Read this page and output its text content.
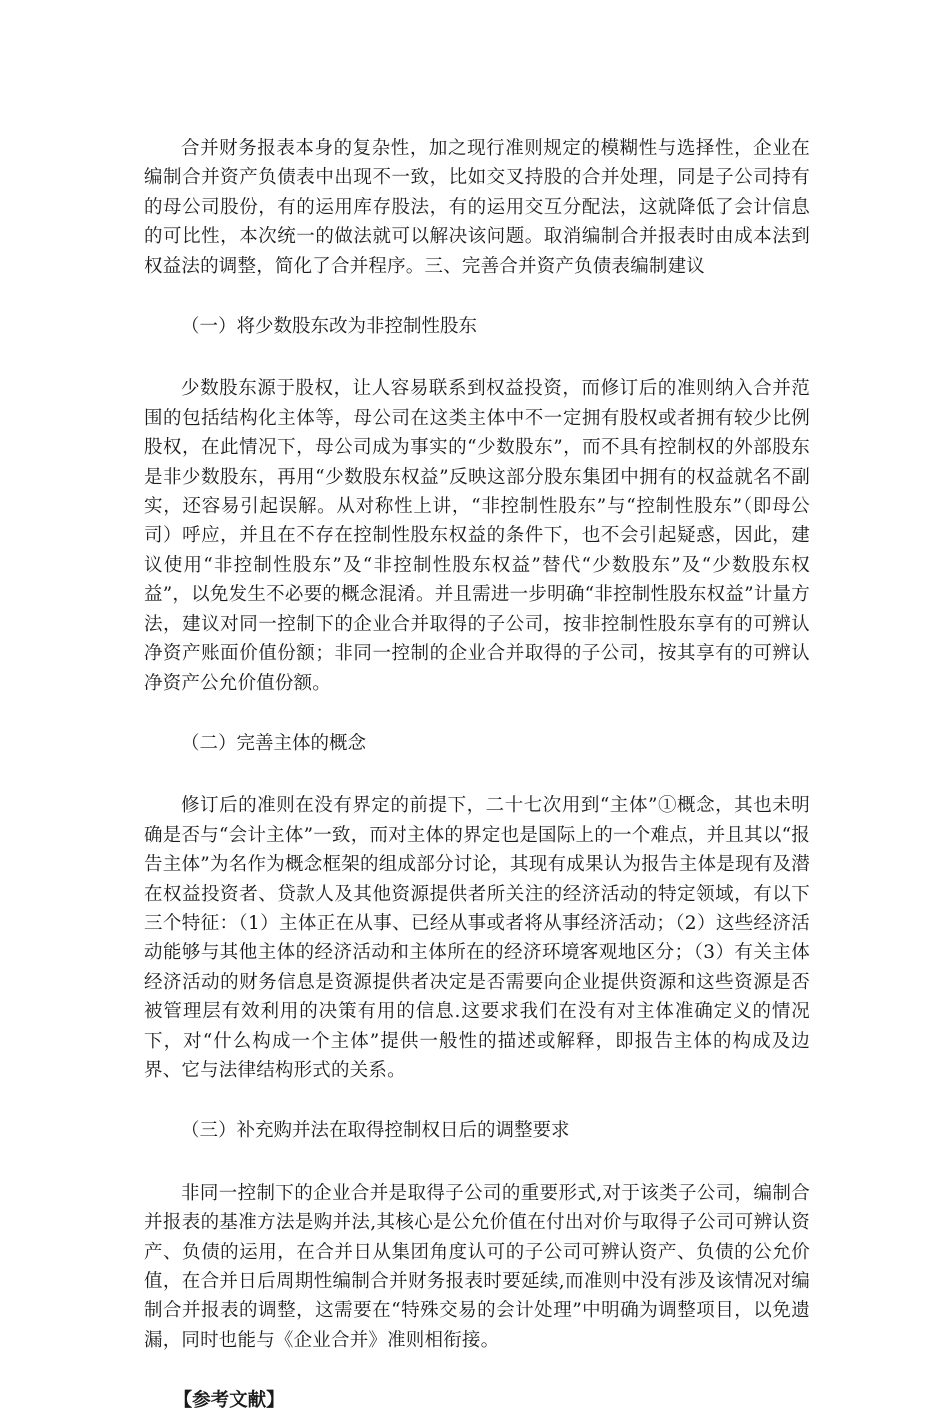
合并财务报表本身的复杂性，加之现行准则规定的模糊性与选择性，企业在编制合并资产负债表中出现不一致，比如交叉持股的合并处理，同是子公司持有的母公司股份，有的运用库存股法，有的运用交互分配法，这就降低了会计信息的可比性，本次统一的做法就可以解决该问题。取消编制合并报表时由成本法到权益法的调整，简化了合并程序。三、完善合并资产负债表编制建议

（一）将少数股东改为非控制性股东

少数股东源于股权，让人容易联系到权益投资，而修订后的准则纳入合并范围的包括结构化主体等，母公司在这类主体中不一定拥有股权或者拥有较少比例股权，在此情况下，母公司成为事实的“少数股东”，而不具有控制权的外部股东是非少数股东，再用“少数股东权益”反映这部分股东集团中拥有的权益就名不副实，还容易引起误解。从对称性上讲，“非控制性股东”与“控制性股东”（即母公司）呼应，并且在不存在控制性股东权益的条件下，也不会引起疑惑，因此，建议使用“非控制性股东”及“非控制性股东权益”替代“少数股东”及“少数股东权益”，以免发生不必要的概念混淆。并且需进一步明确“非控制性股东权益”计量方法，建议对同一控制下的企业合并取得的子公司，按非控制性股东享有的可辨认净资产账面价值份额；非同一控制的企业合并取得的子公司，按其享有的可辨认净资产公允价值份额。

（二）完善主体的概念

修订后的准则在没有界定的前提下，二十七次用到“主体”①概念，其也未明确是否与“会计主体”一致，而对主体的界定也是国际上的一个难点，并且其以“报告主体”为名作为概念框架的组成部分讨论，其现有成果认为报告主体是现有及潜在权益投资者、贷款人及其他资源提供者所关注的经济活动的特定领域，有以下三个特征：（1）主体正在从事、已经从事或者将从事经济活动；（2）这些经济活动能够与其他主体的经济活动和主体所在的经济环境客观地区分；（3）有关主体经济活动的财务信息是资源提供者决定是否需要向企业提供资源和这些资源是否被管理层有效利用的决策有用的信息.这要求我们在没有对主体准确定义的情况下，对“什么构成一个主体”提供一般性的描述或解释，即报告主体的构成及边界、它与法律结构形式的关系。

（三）补充购并法在取得控制权日后的调整要求

非同一控制下的企业合并是取得子公司的重要形式,对于该类子公司，编制合并报表的基准方法是购并法,其核心是公允价值在付出对价与取得子公司可辨认资产、负债的运用，在合并日从集团角度认可的子公司可辨认资产、负债的公允价值，在合并日后周期性编制合并财务报表时要延续,而准则中没有涉及该情况对编制合并报表的调整，这需要在“特殊交易的会计处理”中明确为调整项目，以免遗漏，同时也能与《企业合并》准则相衔接。

【参考文献】
